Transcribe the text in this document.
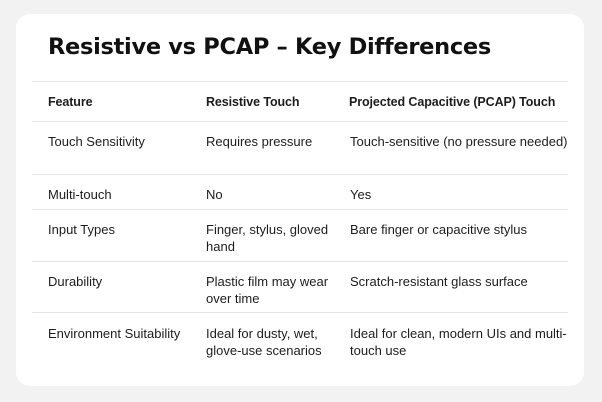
Resistive vs PCAP – Key Differences
Feature	Resistive Touch	Projected Capacitive (PCAP) Touch
Touch Sensitivity	Requires pressure	Touch-sensitive (no pressure needed)
Multi-touch	No	Yes
Input Types	Finger, stylus, gloved hand	Bare finger or capacitive stylus
Durability	Plastic film may wear over time	Scratch-resistant glass surface
Environment Suitability	Ideal for dusty, wet, glove-use scenarios	Ideal for clean, modern UIs and multi-touch use
